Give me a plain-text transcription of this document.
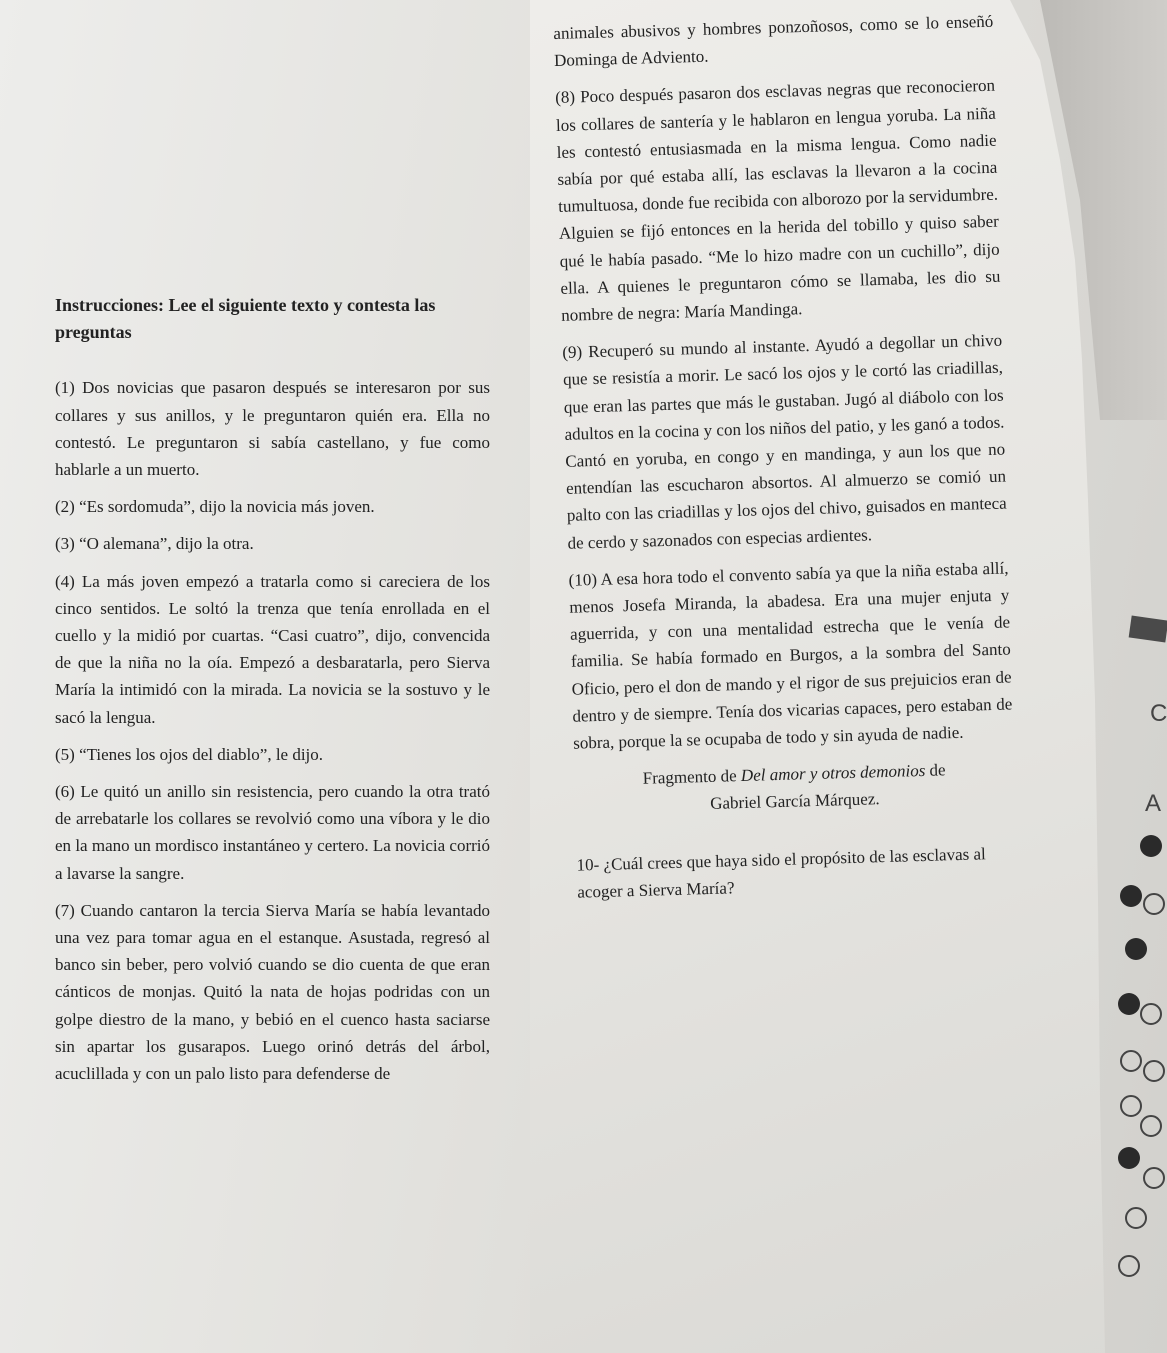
Instrucciones: Lee el siguiente texto y contesta las preguntas

(1) Dos novicias que pasaron después se interesaron por sus collares y sus anillos, y le preguntaron quién era. Ella no contestó. Le preguntaron si sabía castellano, y fue como hablarle a un muerto.

(2) “Es sordomuda”, dijo la novicia más joven.

(3) “O alemana”, dijo la otra.

(4) La más joven empezó a tratarla como si careciera de los cinco sentidos. Le soltó la trenza que tenía enrollada en el cuello y la midió por cuartas. “Casi cuatro”, dijo, convencida de que la niña no la oía. Empezó a desbaratarla, pero Sierva María la intimidó con la mirada. La novicia se la sostuvo y le sacó la lengua.

(5) “Tienes los ojos del diablo”, le dijo.

(6) Le quitó un anillo sin resistencia, pero cuando la otra trató de arrebatarle los collares se revolvió como una víbora y le dio en la mano un mordisco instantáneo y certero. La novicia corrió a lavarse la sangre.

(7) Cuando cantaron la tercia Sierva María se había levantado una vez para tomar agua en el estanque. Asustada, regresó al banco sin beber, pero volvió cuando se dio cuenta de que eran cánticos de monjas. Quitó la nata de hojas podridas con un golpe diestro de la mano, y bebió en el cuenco hasta saciarse sin apartar los gusarapos. Luego orinó detrás del árbol, acuclillada y con un palo listo para defenderse de

animales abusivos y hombres ponzoñosos, como se lo enseñó Dominga de Adviento.

(8) Poco después pasaron dos esclavas negras que reconocieron los collares de santería y le hablaron en lengua yoruba. La niña les contestó entusiasmada en la misma lengua. Como nadie sabía por qué estaba allí, las esclavas la llevaron a la cocina tumultuosa, donde fue recibida con alborozo por la servidumbre. Alguien se fijó entonces en la herida del tobillo y quiso saber qué le había pasado. “Me lo hizo madre con un cuchillo”, dijo ella. A quienes le preguntaron cómo se llamaba, les dio su nombre de negra: María Mandinga.

(9) Recuperó su mundo al instante. Ayudó a degollar un chivo que se resistía a morir. Le sacó los ojos y le cortó las criadillas, que eran las partes que más le gustaban. Jugó al diábolo con los adultos en la cocina y con los niños del patio, y les ganó a todos. Cantó en yoruba, en congo y en mandinga, y aun los que no entendían las escucharon absortos. Al almuerzo se comió un palto con las criadillas y los ojos del chivo, guisados en manteca de cerdo y sazonados con especias ardientes.

(10) A esa hora todo el convento sabía ya que la niña estaba allí, menos Josefa Miranda, la abadesa. Era una mujer enjuta y aguerrida, y con una mentalidad estrecha que le venía de familia. Se había formado en Burgos, a la sombra del Santo Oficio, pero el don de mando y el rigor de sus prejuicios eran de dentro y de siempre. Tenía dos vicarias capaces, pero estaban de sobra, porque la se ocupaba de todo y sin ayuda de nadie.

Fragmento de Del amor y otros demonios de
Gabriel García Márquez.

10- ¿Cuál crees que haya sido el propósito de las esclavas al acoger a Sierva María?

C
A
